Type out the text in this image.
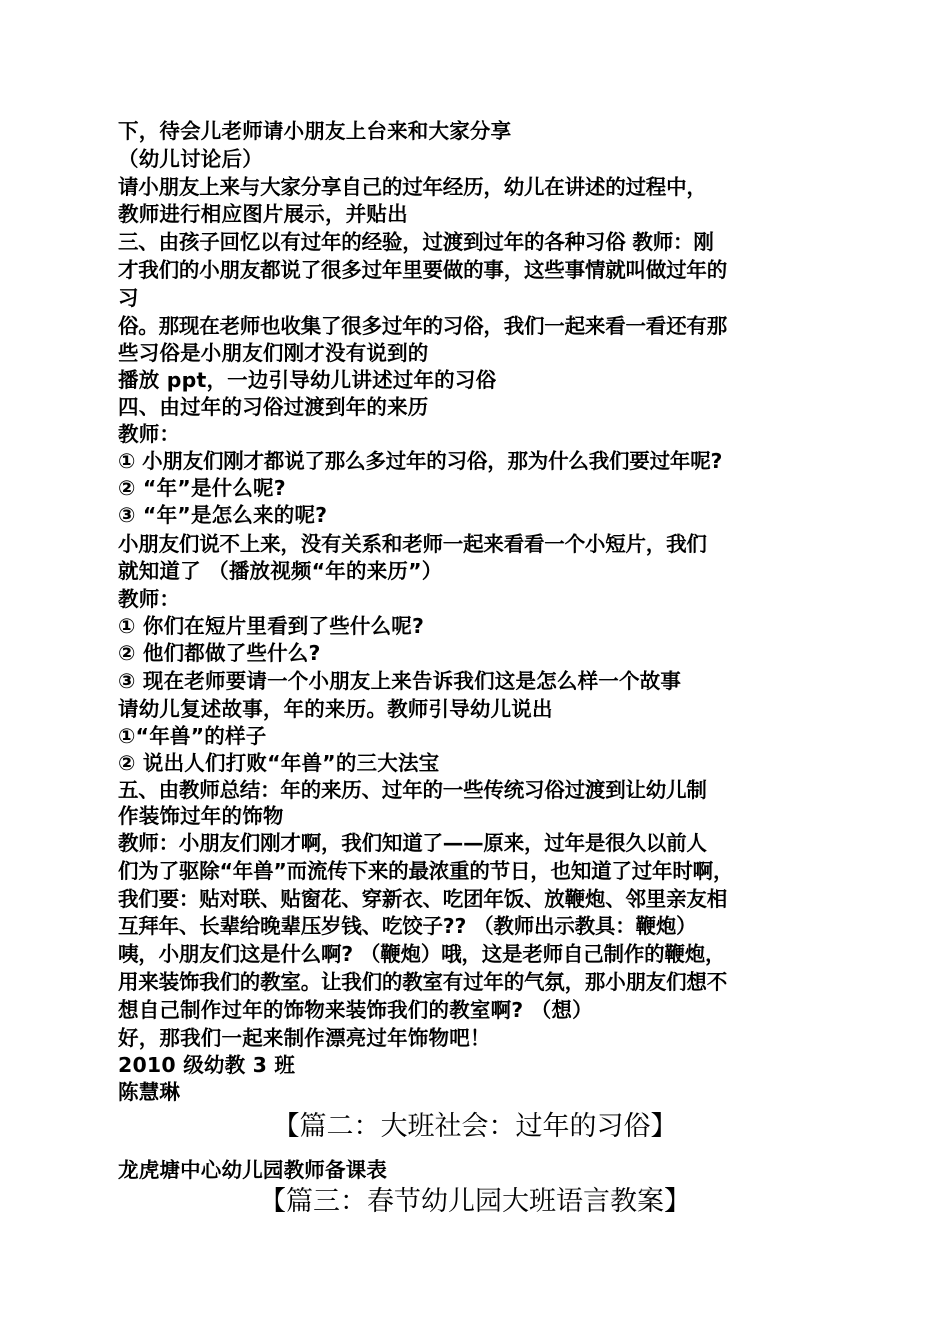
下，待会儿老师请小朋友上台来和大家分享
（幼儿讨论后）
请小朋友上来与大家分享自己的过年经历，幼儿在讲述的过程中，
教师进行相应图片展示，并贴出
三、由孩子回忆以有过年的经验，过渡到过年的各种习俗 教师：刚
才我们的小朋友都说了很多过年里要做的事，这些事情就叫做过年的
习
俗。那现在老师也收集了很多过年的习俗，我们一起来看一看还有那
些习俗是小朋友们刚才没有说到的
播放 ppt，一边引导幼儿讲述过年的习俗
四、由过年的习俗过渡到年的来历
教师：
① 小朋友们刚才都说了那么多过年的习俗，那为什么我们要过年呢?
② “年”是什么呢?
③ “年”是怎么来的呢?
小朋友们说不上来，没有关系和老师一起来看看一个小短片，我们
就知道了 （播放视频“年的来历”）
教师：
① 你们在短片里看到了些什么呢?
② 他们都做了些什么?
③ 现在老师要请一个小朋友上来告诉我们这是怎么样一个故事
请幼儿复述故事，年的来历。教师引导幼儿说出
①“年兽”的样子
② 说出人们打败“年兽”的三大法宝
五、由教师总结：年的来历、过年的一些传统习俗过渡到让幼儿制
作装饰过年的饰物
教师：小朋友们刚才啊，我们知道了——原来，过年是很久以前人
们为了驱除“年兽”而流传下来的最浓重的节日，也知道了过年时啊，
我们要：贴对联、贴窗花、穿新衣、吃团年饭、放鞭炮、邻里亲友相
互拜年、长辈给晚辈压岁钱、吃饺子?? （教师出示教具：鞭炮）
咦，小朋友们这是什么啊? （鞭炮）哦，这是老师自己制作的鞭炮，
用来装饰我们的教室。让我们的教室有过年的气氛，那小朋友们想不
想自己制作过年的饰物来装饰我们的教室啊? （想）
好，那我们一起来制作漂亮过年饰物吧！
2010 级幼教 3 班
陈慧琳
【篇二：大班社会：过年的习俗】
龙虎塘中心幼儿园教师备课表
【篇三：春节幼儿园大班语言教案】
